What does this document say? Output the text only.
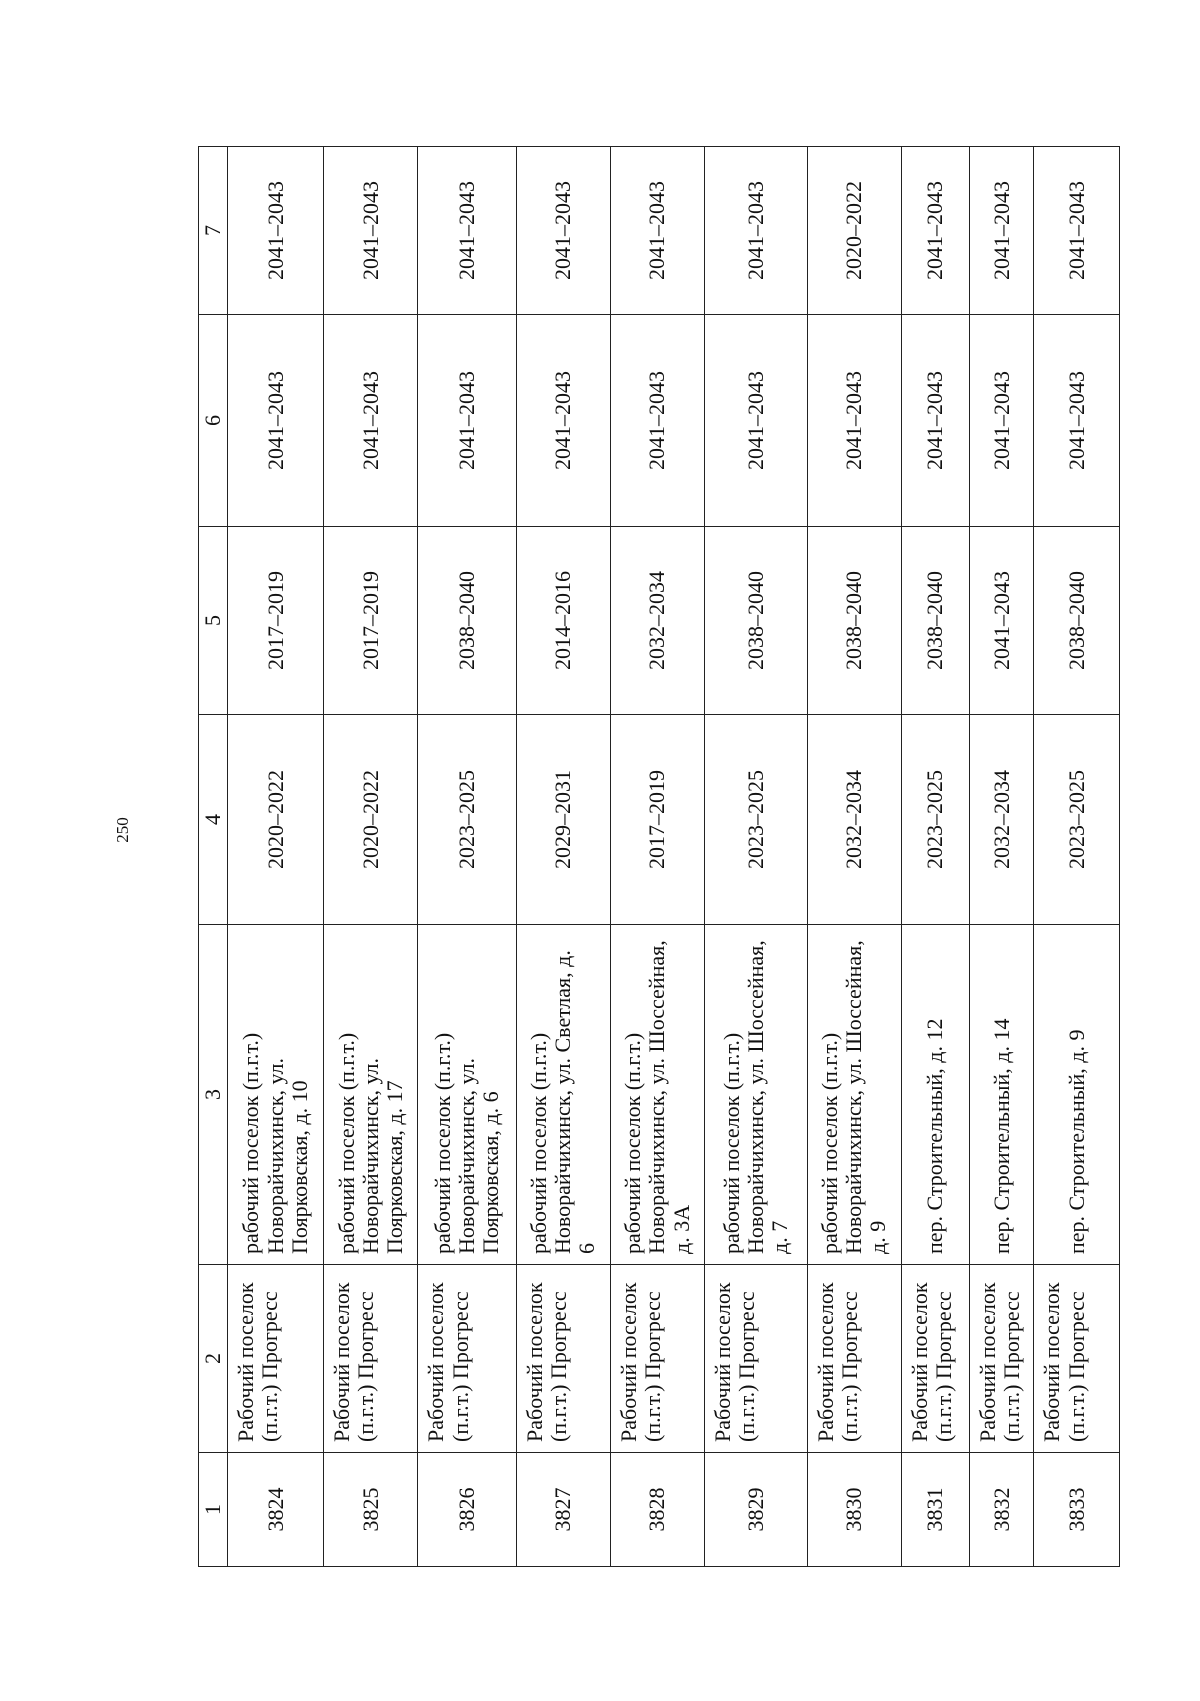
250
1	2	3	4	5	6	7
3824	Рабочий поселок (п.г.т.) Прогресс	рабочий поселок (п.г.т.) Новорайчихинск, ул. Поярковская, д. 10	2020–2022	2017–2019	2041–2043	2041–2043
3825	Рабочий поселок (п.г.т.) Прогресс	рабочий поселок (п.г.т.) Новорайчихинск, ул. Поярковская, д. 17	2020–2022	2017–2019	2041–2043	2041–2043
3826	Рабочий поселок (п.г.т.) Прогресс	рабочий поселок (п.г.т.) Новорайчихинск, ул. Поярковская, д. 6	2023–2025	2038–2040	2041–2043	2041–2043
3827	Рабочий поселок (п.г.т.) Прогресс	рабочий поселок (п.г.т.) Новорайчихинск, ул. Светлая, д. 6	2029–2031	2014–2016	2041–2043	2041–2043
3828	Рабочий поселок (п.г.т.) Прогресс	рабочий поселок (п.г.т.) Новорайчихинск, ул. Шоссейная, д. 3А	2017–2019	2032–2034	2041–2043	2041–2043
3829	Рабочий поселок (п.г.т.) Прогресс	рабочий поселок (п.г.т.) Новорайчихинск, ул. Шоссейная, д. 7	2023–2025	2038–2040	2041–2043	2041–2043
3830	Рабочий поселок (п.г.т.) Прогресс	рабочий поселок (п.г.т.) Новорайчихинск, ул. Шоссейная, д. 9	2032–2034	2038–2040	2041–2043	2020–2022
3831	Рабочий поселок (п.г.т.) Прогресс	пер. Строительный, д. 12	2023–2025	2038–2040	2041–2043	2041–2043
3832	Рабочий поселок (п.г.т.) Прогресс	пер. Строительный, д. 14	2032–2034	2041–2043	2041–2043	2041–2043
3833	Рабочий поселок (п.г.т.) Прогресс	пер. Строительный, д. 9	2023–2025	2038–2040	2041–2043	2041–2043
